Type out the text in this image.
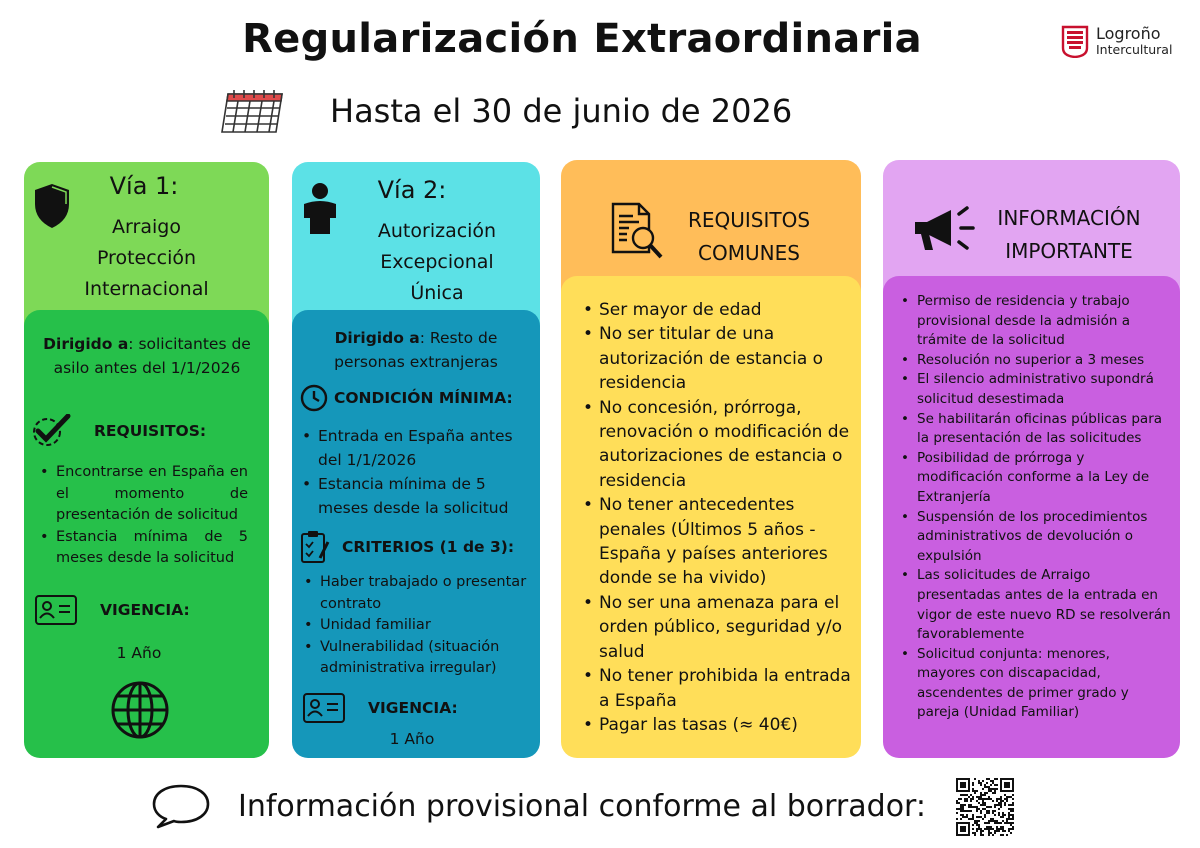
Regularización Extraordinaria	Logroño
Intercultural
Hasta el 30 de junio de 2026
Vía 1:
Arraigo
Protección
Internacional
Dirigido a: solicitantes de asilo antes del 1/1/2026
REQUISITOS:
• Encontrarse en España en el momento de presentación de solicitud
• Estancia mínima de 5 meses desde la solicitud
VIGENCIA:
1 Año
Vía 2:
Autorización
Excepcional
Única
Dirigido a: Resto de personas extranjeras
CONDICIÓN MÍNIMA:
• Entrada en España antes del 1/1/2026
• Estancia mínima de 5 meses desde la solicitud
CRITERIOS (1 de 3):
• Haber trabajado o presentar contrato
• Unidad familiar
• Vulnerabilidad (situación administrativa irregular)
VIGENCIA:
1 Año
REQUISITOS
COMUNES
• Ser mayor de edad
• No ser titular de una autorización de estancia o residencia
• No concesión, prórroga, renovación o modificación de autorizaciones de estancia o residencia
• No tener antecedentes penales (Últimos 5 años - España y países anteriores donde se ha vivido)
• No ser una amenaza para el orden público, seguridad y/o salud
• No tener prohibida la entrada a España
• Pagar las tasas (≈ 40€)
INFORMACIÓN
IMPORTANTE
• Permiso de residencia y trabajo provisional desde la admisión a trámite de la solicitud
• Resolución no superior a 3 meses
• El silencio administrativo supondrá solicitud desestimada
• Se habilitarán oficinas públicas para la presentación de las solicitudes
• Posibilidad de prórroga y modificación conforme a la Ley de Extranjería
• Suspensión de los procedimientos administrativos de devolución o expulsión
• Las solicitudes de Arraigo presentadas antes de la entrada en vigor de este nuevo RD se resolverán favorablemente
• Solicitud conjunta: menores, mayores con discapacidad, ascendentes de primer grado y pareja (Unidad Familiar)
Información provisional conforme al borrador:
